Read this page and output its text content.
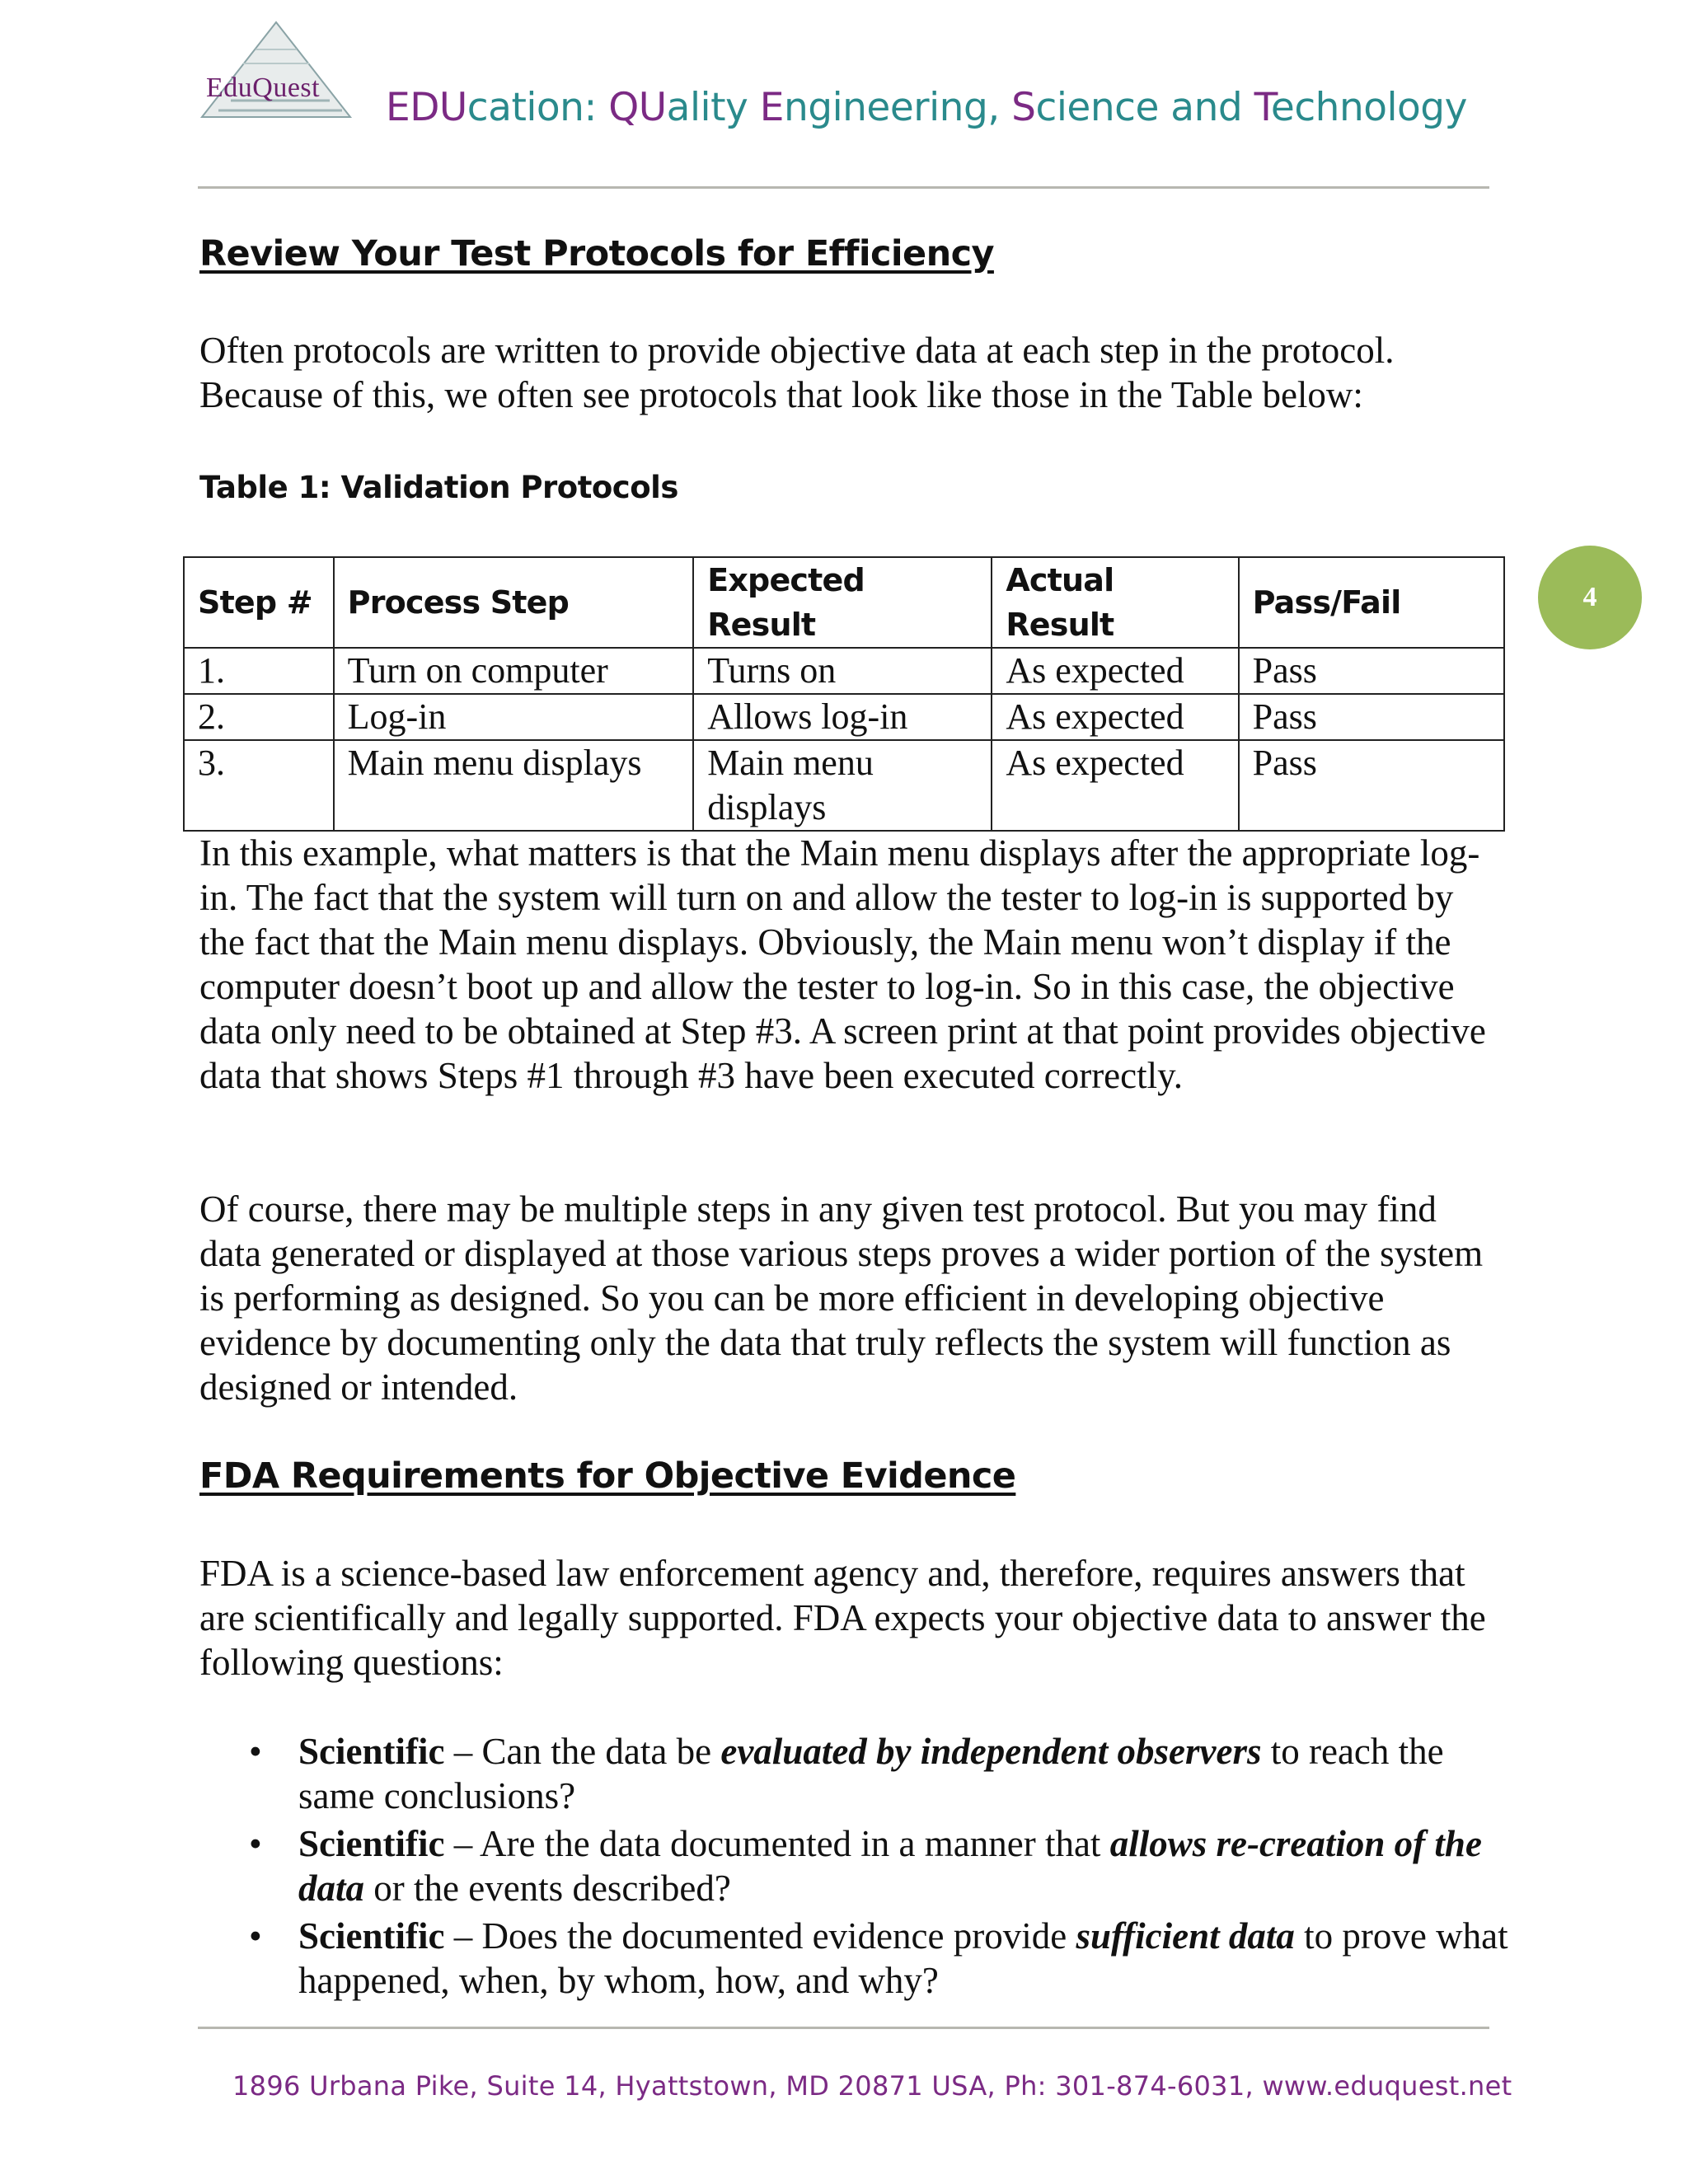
EduQuest EDUcation: QUality Engineering, Science and Technology
Review Your Test Protocols for Efficiency

Often protocols are written to provide objective data at each step in the protocol. Because of this, we often see protocols that look like those in the Table below:

Table 1: Validation Protocols
Step #	Process Step	Expected Result	Actual Result	Pass/Fail
1.	Turn on computer	Turns on	As expected	Pass
2.	Log-in	Allows log-in	As expected	Pass
3.	Main menu displays	Main menu displays	As expected	Pass
4

In this example, what matters is that the Main menu displays after the appropriate log-in. The fact that the system will turn on and allow the tester to log-in is supported by the fact that the Main menu displays. Obviously, the Main menu won’t display if the computer doesn’t boot up and allow the tester to log-in. So in this case, the objective data only need to be obtained at Step #3. A screen print at that point provides objective data that shows Steps #1 through #3 have been executed correctly.

Of course, there may be multiple steps in any given test protocol. But you may find data generated or displayed at those various steps proves a wider portion of the system is performing as designed. So you can be more efficient in developing objective evidence by documenting only the data that truly reflects the system will function as designed or intended.

FDA Requirements for Objective Evidence

FDA is a science-based law enforcement agency and, therefore, requires answers that are scientifically and legally supported. FDA expects your objective data to answer the following questions:

• Scientific – Can the data be evaluated by independent observers to reach the same conclusions?
• Scientific – Are the data documented in a manner that allows re-creation of the data or the events described?
• Scientific – Does the documented evidence provide sufficient data to prove what happened, when, by whom, how, and why?
1896 Urbana Pike, Suite 14, Hyattstown, MD 20871 USA, Ph: 301-874-6031, www.eduquest.net
